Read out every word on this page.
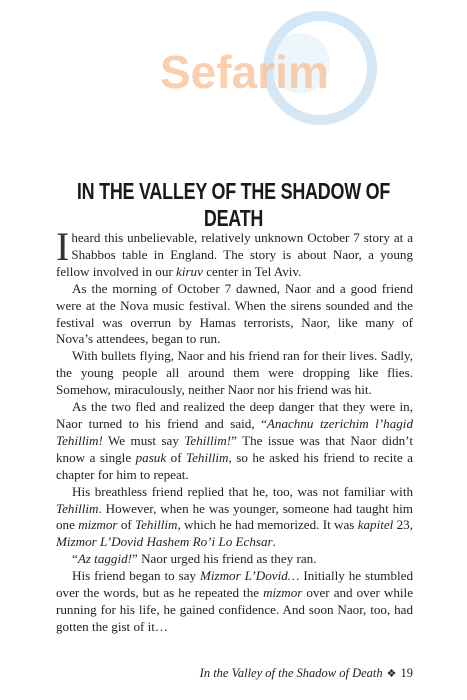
Sefarim
IN THE VALLEY OF THE SHADOW OF DEATH

Iheard this unbelievable, relatively unknown October 7 story at a Shabbos table in England. The story is about Naor, a young fellow involved in our kiruv center in Tel Aviv.

As the morning of October 7 dawned, Naor and a good friend were at the Nova music festival. When the sirens sounded and the festival was overrun by Hamas terrorists, Naor, like many of Nova’s attendees, began to run.

With bullets flying, Naor and his friend ran for their lives. Sadly, the young people all around them were dropping like flies. Somehow, miraculously, neither Naor nor his friend was hit.

As the two fled and realized the deep danger that they were in, Naor turned to his friend and said, “Anachnu tzerichim l’hagid Tehillim! We must say Tehillim!” The issue was that Naor didn’t know a single pasuk of Tehillim, so he asked his friend to recite a chapter for him to repeat.

His breathless friend replied that he, too, was not familiar with Tehillim. However, when he was younger, someone had taught him one mizmor of Tehillim, which he had memorized. It was kapitel 23, Mizmor L’Dovid Hashem Ro’i Lo Echsar.

“Az taggid!” Naor urged his friend as they ran.

His friend began to say Mizmor L’Dovid… Initially he stumbled over the words, but as he repeated the mizmor over and over while running for his life, he gained confidence. And soon Naor, too, had gotten the gist of it…

In the Valley of the Shadow of Death ❖ 19
